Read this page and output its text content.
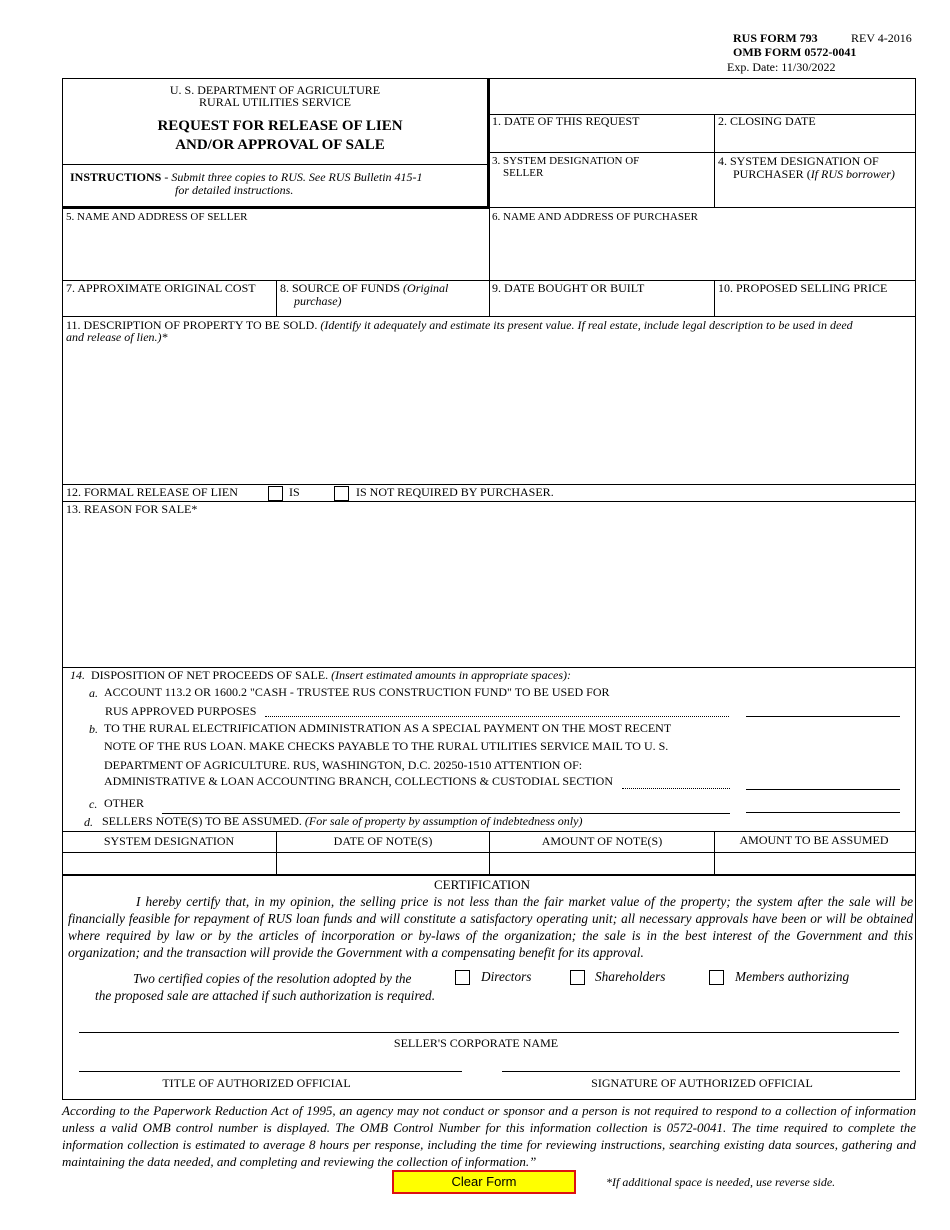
RUS FORM 793	REV 4-2016
OMB FORM 0572-0041
Exp. Date: 11/30/2022
U. S. DEPARTMENT OF AGRICULTURE
RURAL UTILITIES SERVICE
REQUEST FOR RELEASE OF LIEN
AND/OR APPROVAL OF SALE
INSTRUCTIONS - Submit three copies to RUS. See RUS Bulletin 415-1
for detailed instructions.
1. DATE OF THIS REQUEST	2. CLOSING DATE
3. SYSTEM DESIGNATION OF
SELLER
4. SYSTEM DESIGNATION OF
PURCHASER (If RUS borrower)
5. NAME AND ADDRESS OF SELLER	6. NAME AND ADDRESS OF PURCHASER
7. APPROXIMATE ORIGINAL COST 8. SOURCE OF FUNDS (Original
purchase)
9. DATE BOUGHT OR BUILT	10. PROPOSED SELLING PRICE
11. DESCRIPTION OF PROPERTY TO BE SOLD. (Identify it adequately and estimate its present value. If real estate, include legal description to be used in deed
and release of lien.)*
12. FORMAL RELEASE OF LIEN	IS	IS NOT REQUIRED BY PURCHASER.
13. REASON FOR SALE*
14. DISPOSITION OF NET PROCEEDS OF SALE. (Insert estimated amounts in appropriate spaces):
a. ACCOUNT 113.2 OR 1600.2 "CASH - TRUSTEE RUS CONSTRUCTION FUND" TO BE USED FOR
RUS APPROVED PURPOSES
b. TO THE RURAL ELECTRIFICATION ADMINISTRATION AS A SPECIAL PAYMENT ON THE MOST RECENT
NOTE OF THE RUS LOAN. MAKE CHECKS PAYABLE TO THE RURAL UTILITIES SERVICE MAIL TO U. S.
DEPARTMENT OF AGRICULTURE. RUS, WASHINGTON, D.C. 20250-1510 ATTENTION OF:
ADMINISTRATIVE & LOAN ACCOUNTING BRANCH, COLLECTIONS & CUSTODIAL SECTION
c. OTHER
d. SELLERS NOTE(S) TO BE ASSUMED. (For sale of property by assumption of indebtedness only)
SYSTEM DESIGNATION	DATE OF NOTE(S)	AMOUNT OF NOTE(S)	AMOUNT TO BE ASSUMED
CERTIFICATION
I hereby certify that, in my opinion, the selling price is not less than the fair market value of the property; the system after the sale will be financially feasible for repayment of RUS loan funds and will constitute a satisfactory operating unit; all necessary approvals have been or will be obtained where required by law or by the articles of incorporation or by-laws of the organization; the sale is in the best interest of the Government and this organization; and the transaction will provide the Government with a compensating benefit for its approval.
Two certified copies of the resolution adopted by the
the proposed sale are attached if such authorization is required.
Directors	Shareholders	Members authorizing
SELLER'S CORPORATE NAME
TITLE OF AUTHORIZED OFFICIAL	SIGNATURE OF AUTHORIZED OFFICIAL
According to the Paperwork Reduction Act of 1995, an agency may not conduct or sponsor and a person is not required to respond to a collection of information unless a valid OMB control number is displayed. The OMB Control Number for this information collection is 0572-0041. The time required to complete the information collection is estimated to average 8 hours per response, including the time for reviewing instructions, searching existing data sources, gathering and maintaining the data needed, and completing and reviewing the collection of information.”
Clear Form	*If additional space is needed, use reverse side.
